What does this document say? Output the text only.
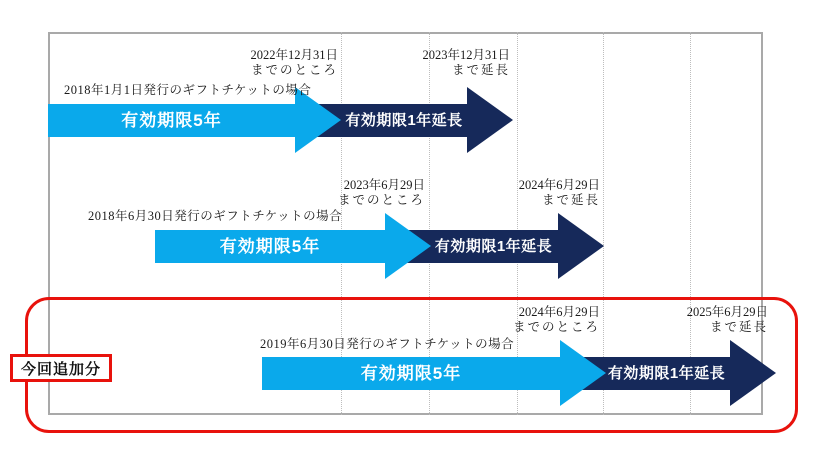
有効期限5年	有効期限1年延長
2018年1月1日発行のギフトチケットの場合
2022年12月31日
までのところ
2023年12月31日
まで延長
有効期限5年	有効期限1年延長
2018年6月30日発行のギフトチケットの場合
2023年6月29日
までのところ
2024年6月29日
まで延長
有効期限5年	有効期限1年延長
2019年6月30日発行のギフトチケットの場合
2024年6月29日
までのところ
2025年6月29日
まで延長
今回追加分
